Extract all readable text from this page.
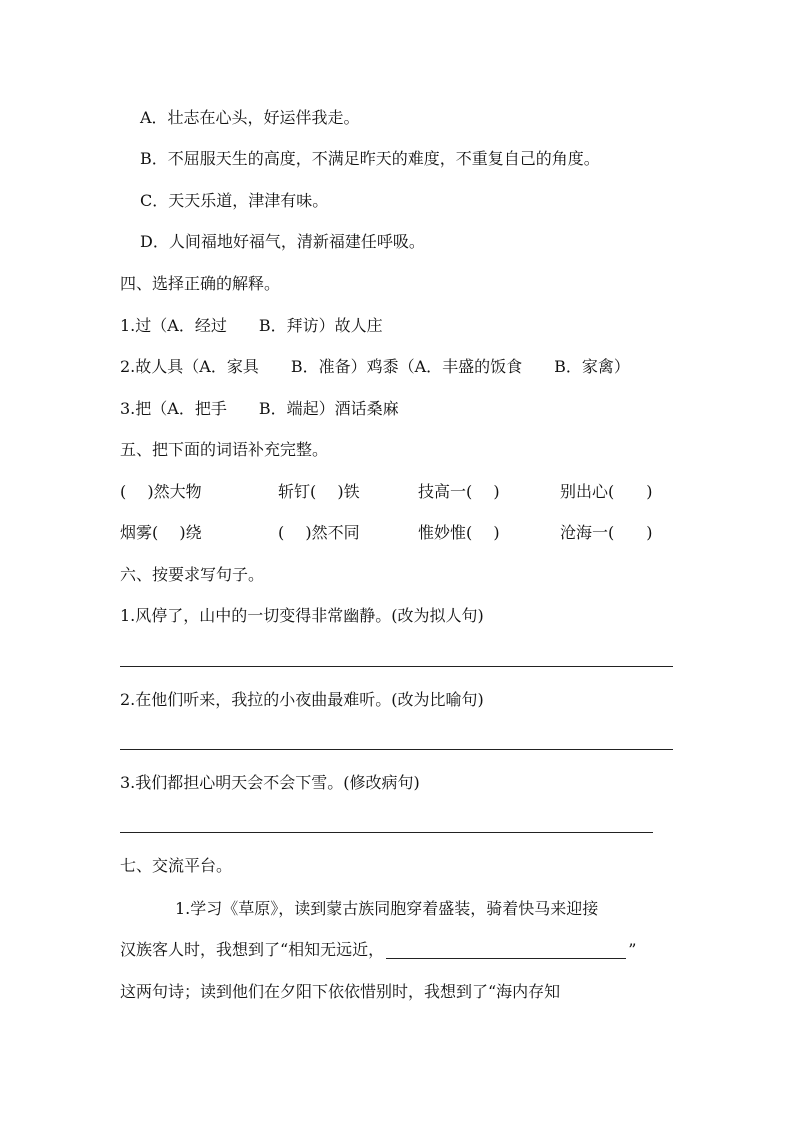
A．壮志在心头，好运伴我走。
B．不屈服天生的高度，不满足昨天的难度，不重复自己的角度。
C．天天乐道，津津有味。
D．人间福地好福气，清新福建任呼吸。
四、选择正确的解释。
1.过（A．经过　　B．拜访）故人庄
2.故人具（A．家具　　B．准备）鸡黍（A．丰盛的饭食　　B．家禽）
3.把（A．把手　　B．端起）酒话桑麻
五、把下面的词语补充完整。
(　 )然大物	斩钉(　 )铁	技高一(　 )	别出心(　　)
烟雾(　 )绕	(　 )然不同	惟妙惟(　 )	沧海一(　　)
六、按要求写句子。
1.风停了，山中的一切变得非常幽静。(改为拟人句)
2.在他们听来，我拉的小夜曲最难听。(改为比喻句)
3.我们都担心明天会不会下雪。(修改病句)
七、交流平台。
1.学习《草原》，读到蒙古族同胞穿着盛装，骑着快马来迎接
汉族客人时，我想到了“相知无远近，	”
这两句诗；读到他们在夕阳下依依惜别时，我想到了“海内存知
